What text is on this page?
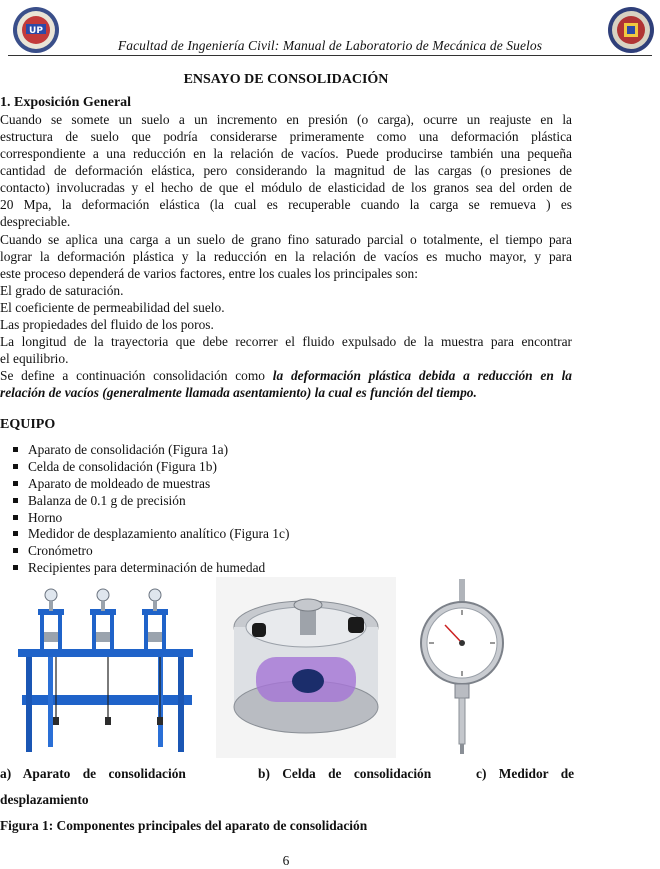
UP
Facultad de Ingeniería Civil: Manual de Laboratorio de Mecánica de Suelos
ENSAYO DE CONSOLIDACIÓN
1. Exposición General
Cuando se somete un suelo a un incremento en presión (o carga), ocurre un reajuste en la
estructura de suelo que podría considerarse primeramente como una deformación plástica
correspondiente a una reducción en la relación de vacíos. Puede producirse también una pequeña
cantidad de deformación elástica, pero considerando la magnitud de las cargas (o presiones de
contacto) involucradas y el hecho de que el módulo de elasticidad de los granos sea del orden de
20 Mpa, la deformación elástica (la cual es recuperable cuando la carga se remueva ) es
despreciable.
Cuando se aplica una carga a un suelo de grano fino saturado parcial o totalmente, el tiempo para
lograr la deformación plástica y la reducción en la relación de vacíos es mucho mayor, y para
este proceso dependerá de varios factores, entre los cuales los principales son:
El grado de saturación.
El coeficiente de permeabilidad del suelo.
Las propiedades del fluido de los poros.
La longitud de la trayectoria que debe recorrer el fluido expulsado de la muestra para encontrar
el equilibrio.
Se define a continuación consolidación como la deformación plástica debida a reducción en la
relación de vacíos (generalmente llamada asentamiento) la cual es función del tiempo.
EQUIPO
Aparato de consolidación (Figura 1a)
Celda de consolidación (Figura 1b)
Aparato de moldeado de muestras
Balanza de 0.1 g de precisión
Horno
Medidor de desplazamiento analítico (Figura 1c)
Cronómetro
Recipientes para determinación de humedad
a) Aparato de consolidación	b) Celda de consolidación	c) Medidor de
desplazamiento
Figura 1: Componentes principales del aparato de consolidación
6
